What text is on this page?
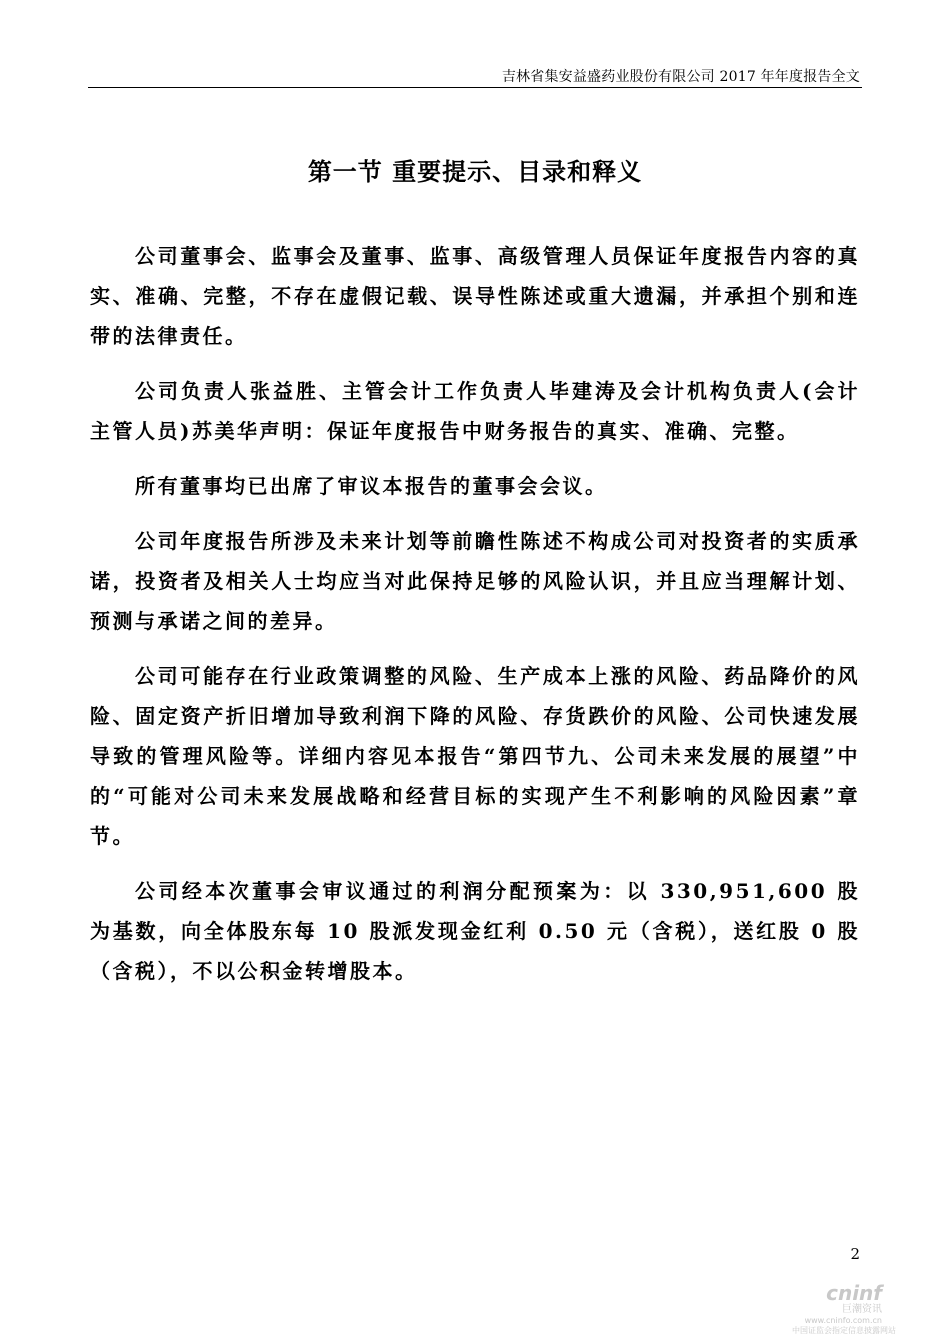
吉林省集安益盛药业股份有限公司 2017 年年度报告全文
第一节 重要提示、目录和释义

公司董事会、监事会及董事、监事、高级管理人员保证年度报告内容的真实、准确、完整，不存在虚假记载、误导性陈述或重大遗漏，并承担个别和连带的法律责任。

公司负责人张益胜、主管会计工作负责人毕建涛及会计机构负责人(会计主管人员)苏美华声明：保证年度报告中财务报告的真实、准确、完整。

所有董事均已出席了审议本报告的董事会会议。

公司年度报告所涉及未来计划等前瞻性陈述不构成公司对投资者的实质承诺，投资者及相关人士均应当对此保持足够的风险认识，并且应当理解计划、预测与承诺之间的差异。

公司可能存在行业政策调整的风险、生产成本上涨的风险、药品降价的风险、固定资产折旧增加导致利润下降的风险、存货跌价的风险、公司快速发展导致的管理风险等。详细内容见本报告“第四节九、公司未来发展的展望”中的“可能对公司未来发展战略和经营目标的实现产生不利影响的风险因素”章节。

公司经本次董事会审议通过的利润分配预案为：以 330,951,600 股为基数，向全体股东每 10 股派发现金红利 0.50 元（含税），送红股 0 股（含税），不以公积金转增股本。

2
cninf
巨潮资讯
www.cninfo.com.cn
中国证监会指定信息披露网站
